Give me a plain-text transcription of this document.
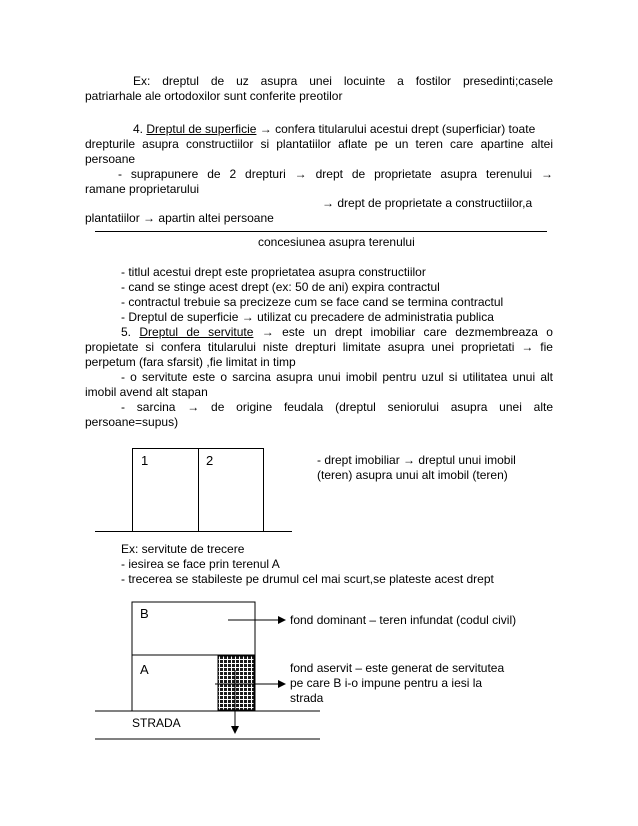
Ex: dreptul de uz asupra unei locuinte a fostilor presedinti;casele
patriarhale ale ortodoxilor sunt conferite preotilor
4. Dreptul de superficie → confera titularului acestui drept (superficiar) toate
drepturile asupra constructiilor si plantatiilor aflate pe un teren care apartine altei
persoane
- suprapunere de 2 drepturi → drept de proprietate asupra terenului →
ramane proprietarului
→ drept de proprietate a constructiilor,a
plantatiilor → apartin altei persoane
concesiunea asupra terenului
- titlul acestui drept este proprietatea asupra constructiilor
- cand se stinge acest drept (ex: 50 de ani) expira contractul
- contractul trebuie sa precizeze cum se face cand se termina contractul
- Dreptul de superficie → utilizat cu precadere de administratia publica
5. Dreptul de servitute → este un drept imobiliar care dezmembreaza o
propietate si confera titularului niste drepturi limitate asupra unei proprietati → fie
perpetum (fara sfarsit) ,fie limitat in timp
- o servitute este o sarcina asupra unui imobil pentru uzul si utilitatea unui alt
imobil avend alt stapan
- sarcina → de origine feudala (dreptul seniorului asupra unei alte
persoane=supus)
1	2	- drept imobiliar → dreptul unui imobil
(teren) asupra unui alt imobil (teren)
Ex: servitute de trecere
- iesirea se face prin terenul A
- trecerea se stabileste pe drumul cel mai scurt,se plateste acest drept
B
A
STRADA
fond dominant – teren infundat (codul civil)
fond aservit – este generat de servitutea
pe care B i-o impune pentru a iesi la
strada
